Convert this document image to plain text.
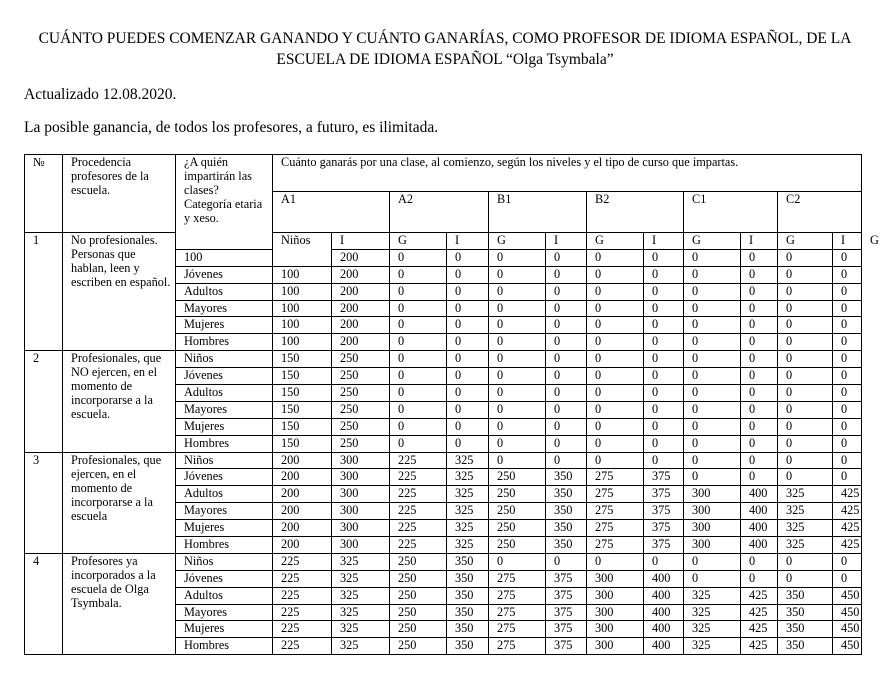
CUÁNTO PUEDES COMENZAR GANANDO Y CUÁNTO GANARÍAS, COMO PROFESOR DE IDIOMA ESPAÑOL, DE LA ESCUELA DE IDIOMA ESPAÑOL “Olga Tsymbala”
Actualizado 12.08.2020.
La posible ganancia, de todos los profesores, a futuro, es ilimitada.
№	Procedencia profesores de la escuela.	¿A quién impartirán las clases? Categoría etaria y xeso.	Cuánto ganarás por una clase, al comienzo, según los niveles y el tipo de curso que impartas.												
			A1		A2		B1		B2		C1		C2		
1	No profesionales. Personas que hablan, leen y escriben en español.		Niños	I	G	I	G	I	G	I	G	I	G	I	G
		100		200	0	0	0	0	0	0	0	0	0	0	
		Jóvenes	100	200	0	0	0	0	0	0	0	0	0	0	
		Adultos	100	200	0	0	0	0	0	0	0	0	0	0	
		Mayores	100	200	0	0	0	0	0	0	0	0	0	0	
		Mujeres	100	200	0	0	0	0	0	0	0	0	0	0	
		Hombres	100	200	0	0	0	0	0	0	0	0	0	0	
2	Profesionales, que NO ejercen, en el momento de incorporarse a la escuela.	Niños	150	250	0	0	0	0	0	0	0	0	0	0	
		Jóvenes	150	250	0	0	0	0	0	0	0	0	0	0	
		Adultos	150	250	0	0	0	0	0	0	0	0	0	0	
		Mayores	150	250	0	0	0	0	0	0	0	0	0	0	
		Mujeres	150	250	0	0	0	0	0	0	0	0	0	0	
		Hombres	150	250	0	0	0	0	0	0	0	0	0	0	
3	Profesionales, que ejercen, en el momento de incorporarse a la escuela	Niños	200	300	225	325	0	0	0	0	0	0	0	0	
		Jóvenes	200	300	225	325	250	350	275	375	0	0	0	0	
		Adultos	200	300	225	325	250	350	275	375	300	400	325	425	
		Mayores	200	300	225	325	250	350	275	375	300	400	325	425	
		Mujeres	200	300	225	325	250	350	275	375	300	400	325	425	
		Hombres	200	300	225	325	250	350	275	375	300	400	325	425	
4	Profesores ya incorporados a la escuela de Olga Tsymbala.	Niños	225	325	250	350	0	0	0	0	0	0	0	0	
		Jóvenes	225	325	250	350	275	375	300	400	0	0	0	0	
		Adultos	225	325	250	350	275	375	300	400	325	425	350	450	
		Mayores	225	325	250	350	275	375	300	400	325	425	350	450	
		Mujeres	225	325	250	350	275	375	300	400	325	425	350	450	
		Hombres	225	325	250	350	275	375	300	400	325	425	350	450	
